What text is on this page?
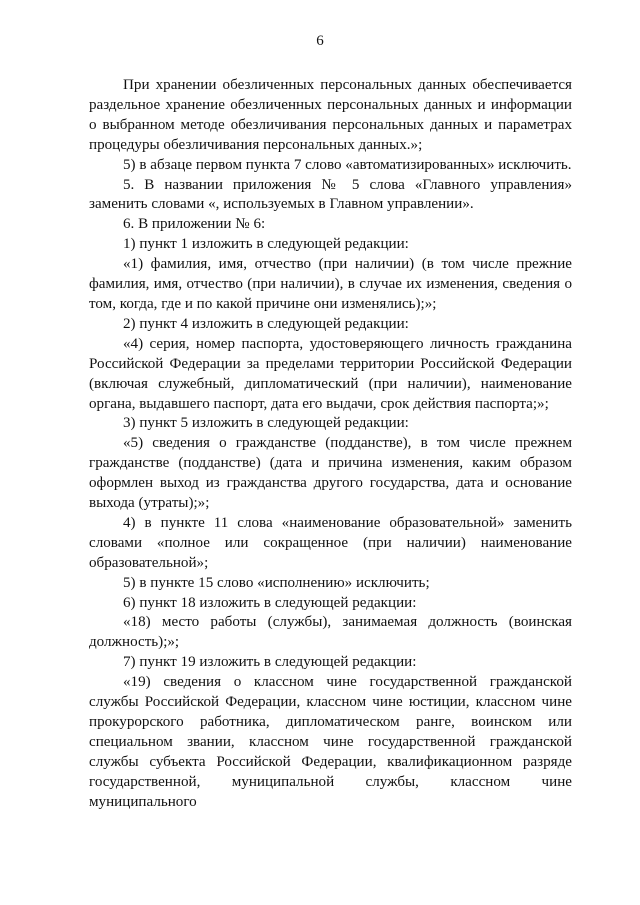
6

При хранении обезличенных персональных данных обеспечивается раздельное хранение обезличенных персональных данных и информации о выбранном методе обезличивания персональных данных и параметрах процедуры обезличивания персональных данных.»;

5) в абзаце первом пункта 7 слово «автоматизированных» исключить.

5. В названии приложения № 5 слова «Главного управления» заменить словами «, используемых в Главном управлении».

6. В приложении № 6:

1) пункт 1 изложить в следующей редакции:

«1) фамилия, имя, отчество (при наличии) (в том числе прежние фамилия, имя, отчество (при наличии), в случае их изменения, сведения о том, когда, где и по какой причине они изменялись);»;

2) пункт 4 изложить в следующей редакции:

«4) серия, номер паспорта, удостоверяющего личность гражданина Российской Федерации за пределами территории Российской Федерации (включая служебный, дипломатический (при наличии), наименование органа, выдавшего паспорт, дата его выдачи, срок действия паспорта;»;

3) пункт 5 изложить в следующей редакции:

«5) сведения о гражданстве (подданстве), в том числе прежнем гражданстве (подданстве) (дата и причина изменения, каким образом оформлен выход из гражданства другого государства, дата и основание выхода (утраты);»;

4) в пункте 11 слова «наименование образовательной» заменить словами «полное или сокращенное (при наличии) наименование образовательной»;

5) в пункте 15 слово «исполнению» исключить;

6) пункт 18 изложить в следующей редакции:

«18) место работы (службы), занимаемая должность (воинская должность);»;

7) пункт 19 изложить в следующей редакции:

«19) сведения о классном чине государственной гражданской службы Российской Федерации, классном чине юстиции, классном чине прокурорского работника, дипломатическом ранге, воинском или специальном звании, классном чине государственной гражданской службы субъекта Российской Федерации, квалификационном разряде государственной, муниципальной службы, классном чине муниципального
